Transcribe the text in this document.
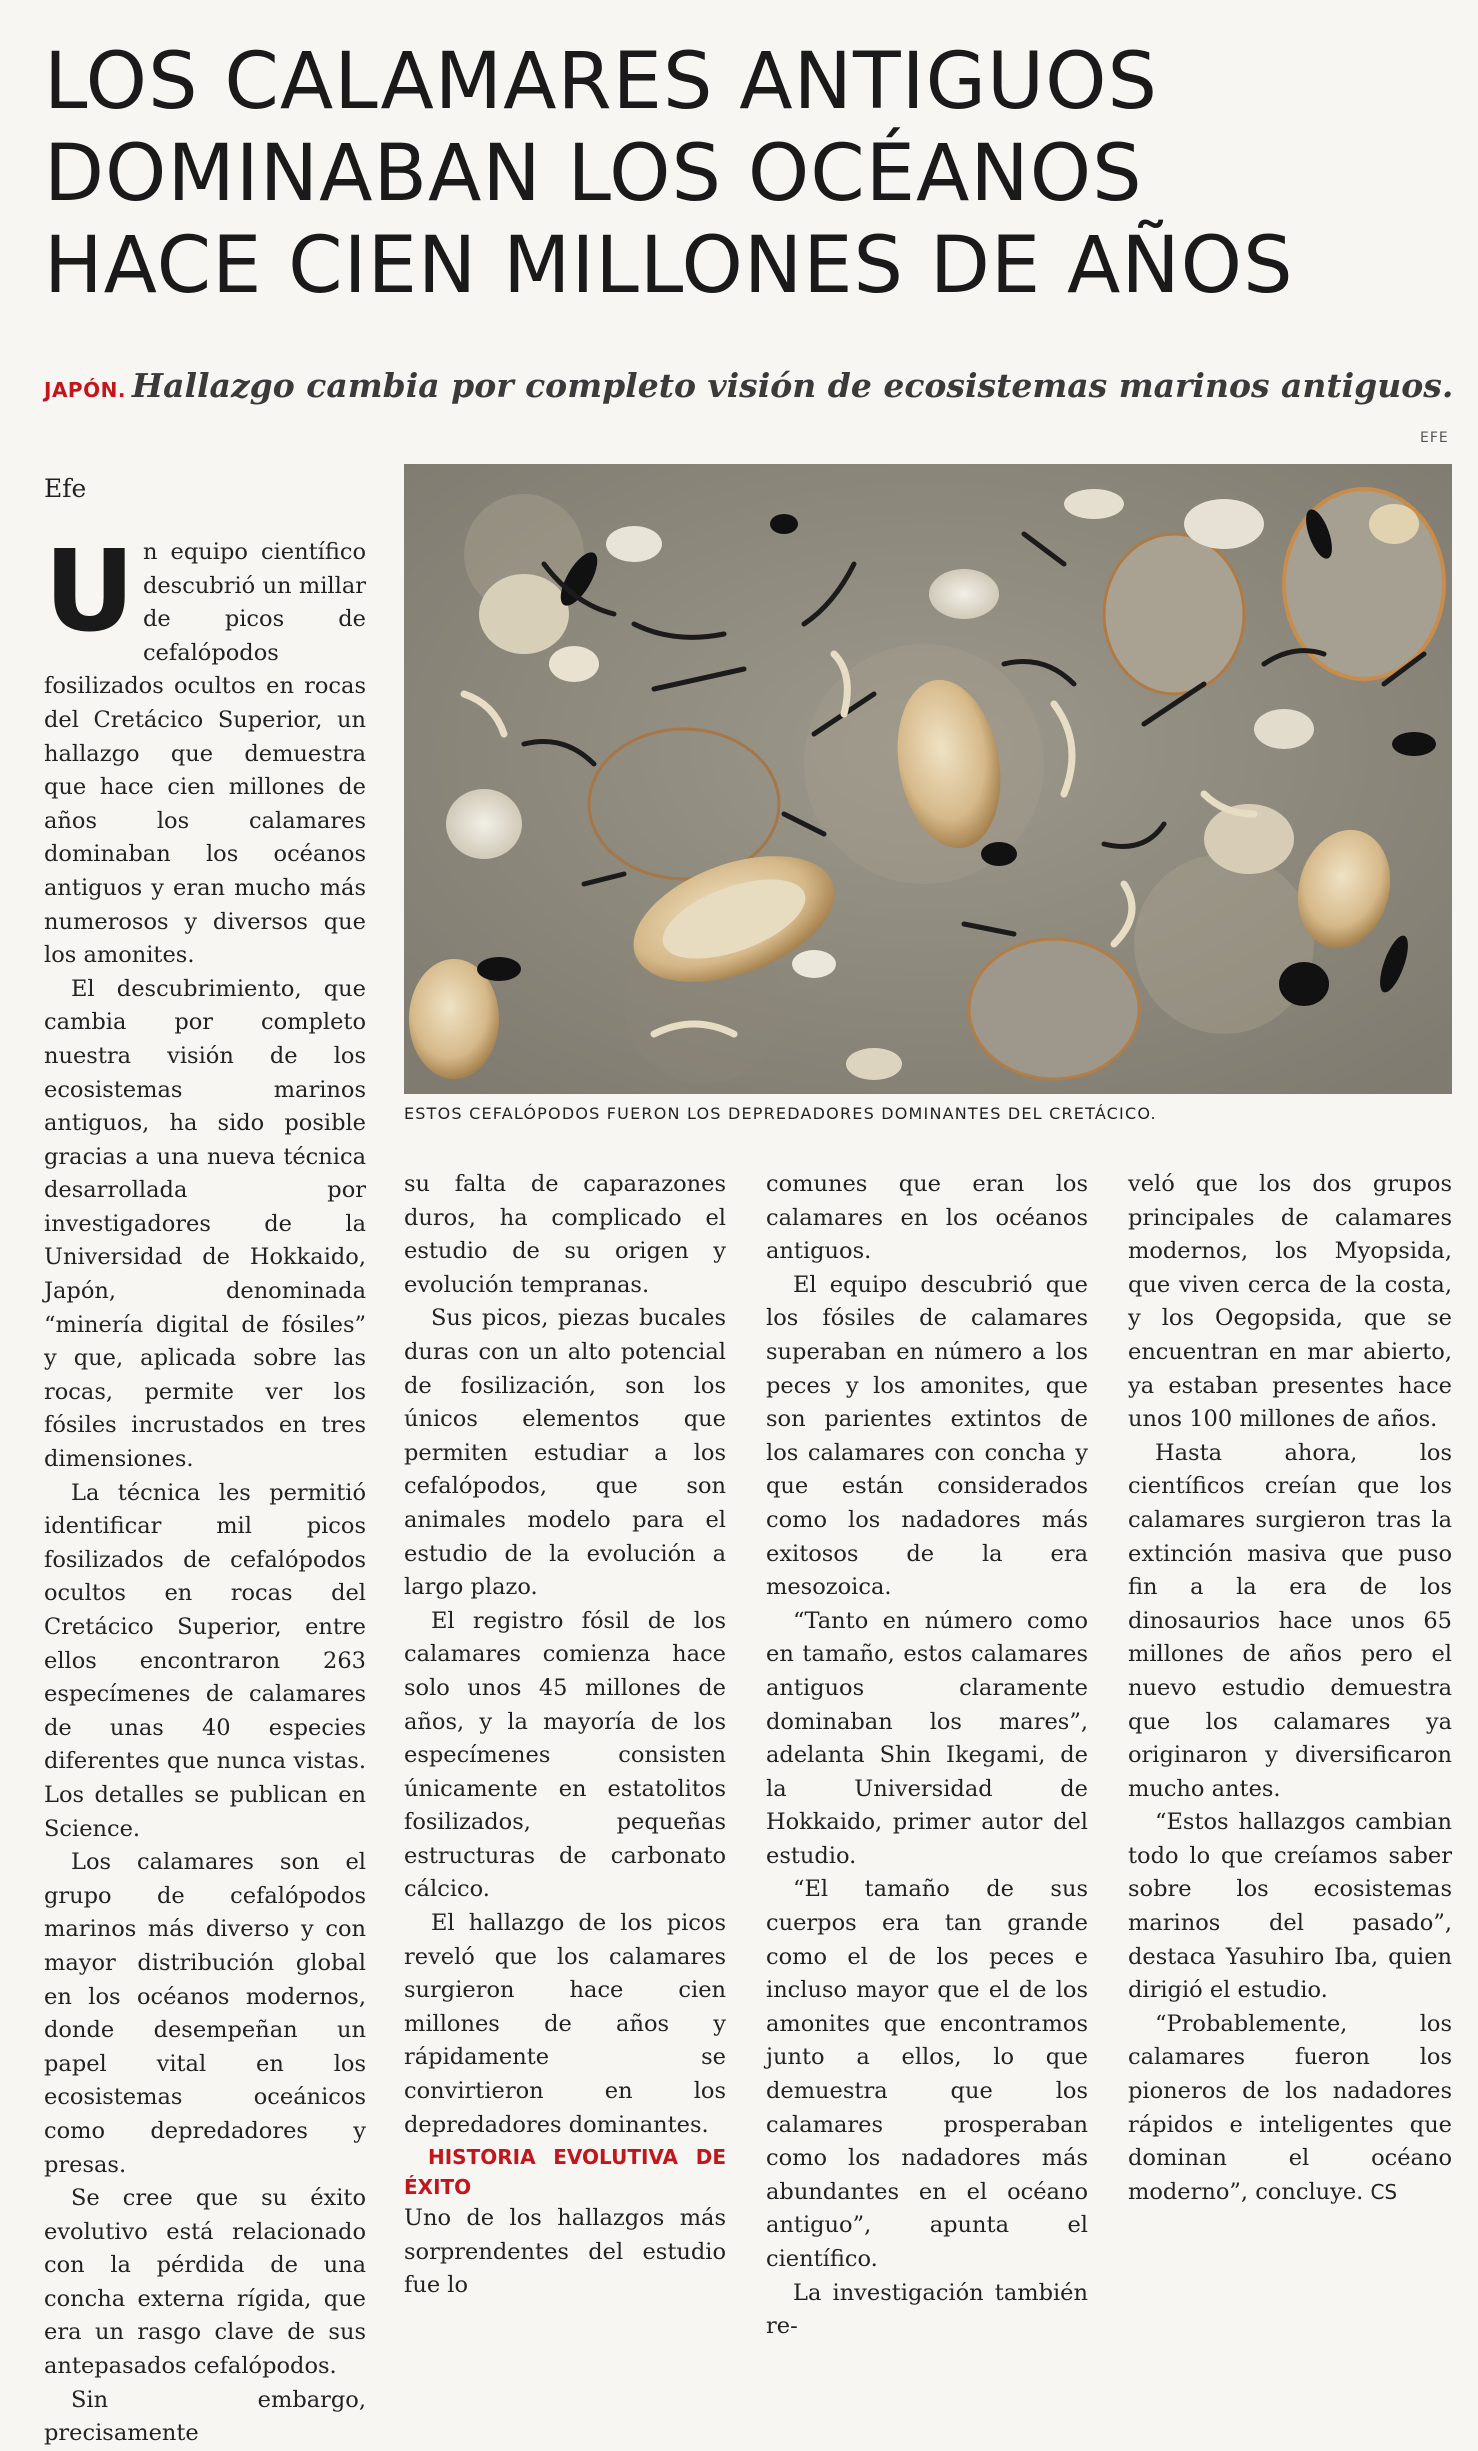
LOS CALAMARES ANTIGUOS
DOMINABAN LOS OCÉANOS
HACE CIEN MILLONES DE AÑOS
JAPÓN. Hallazgo cambia por completo visión de ecosistemas marinos antiguos.
EFE
Efe
ESTOS CEFALÓPODOS FUERON LOS DEPREDADORES DOMINANTES DEL CRETÁCICO.

Un equipo científico descubrió un millar de picos de cefalópodos fosilizados ocultos en rocas del Cretácico Superior, un hallazgo que demuestra que hace cien millones de años los calamares dominaban los océanos antiguos y eran mucho más numerosos y diversos que los amonites.

El descubrimiento, que cambia por completo nuestra visión de los ecosistemas marinos antiguos, ha sido posible gracias a una nueva técnica desarrollada por investigadores de la Universidad de Hokkaido, Japón, denominada “minería digital de fósiles” y que, aplicada sobre las rocas, permite ver los fósiles incrustados en tres dimensiones.

La técnica les permitió identificar mil picos fosilizados de cefalópodos ocultos en rocas del Cretácico Superior, entre ellos encontraron 263 especímenes de calamares de unas 40 especies diferentes que nunca vistas. Los detalles se publican en Science.

Los calamares son el grupo de cefalópodos marinos más diverso y con mayor distribución global en los océanos modernos, donde desempeñan un papel vital en los ecosistemas oceánicos como depredadores y presas.

Se cree que su éxito evolutivo está relacionado con la pérdida de una concha externa rígida, que era un rasgo clave de sus antepasados cefalópodos.

Sin embargo, precisamente

su falta de caparazones duros, ha complicado el estudio de su origen y evolución tempranas.

Sus picos, piezas bucales duras con un alto potencial de fosilización, son los únicos elementos que permiten estudiar a los cefalópodos, que son animales modelo para el estudio de la evolución a largo plazo.

El registro fósil de los calamares comienza hace solo unos 45 millones de años, y la mayoría de los especímenes consisten únicamente en estatolitos fosilizados, pequeñas estructuras de carbonato cálcico.

El hallazgo de los picos reveló que los calamares surgieron hace cien millones de años y rápidamente se convirtieron en los depredadores dominantes.

HISTORIA EVOLUTIVA DE ÉXITO

Uno de los hallazgos más sorprendentes del estudio fue lo

comunes que eran los calamares en los océanos antiguos.

El equipo descubrió que los fósiles de calamares superaban en número a los peces y los amonites, que son parientes extintos de los calamares con concha y que están considerados como los nadadores más exitosos de la era mesozoica.

“Tanto en número como en tamaño, estos calamares antiguos claramente dominaban los mares”, adelanta Shin Ikegami, de la Universidad de Hokkaido, primer autor del estudio.

“El tamaño de sus cuerpos era tan grande como el de los peces e incluso mayor que el de los amonites que encontramos junto a ellos, lo que demuestra que los calamares prosperaban como los nadadores más abundantes en el océano antiguo”, apunta el científico.

La investigación también re-

veló que los dos grupos principales de calamares modernos, los Myopsida, que viven cerca de la costa, y los Oegopsida, que se encuentran en mar abierto, ya estaban presentes hace unos 100 millones de años.

Hasta ahora, los científicos creían que los calamares surgieron tras la extinción masiva que puso fin a la era de los dinosaurios hace unos 65 millones de años pero el nuevo estudio demuestra que los calamares ya originaron y diversificaron mucho antes.

“Estos hallazgos cambian todo lo que creíamos saber sobre los ecosistemas marinos del pasado”, destaca Yasuhiro Iba, quien dirigió el estudio.

“Probablemente, los calamares fueron los pioneros de los nadadores rápidos e inteligentes que dominan el océano moderno”, concluye. CS
